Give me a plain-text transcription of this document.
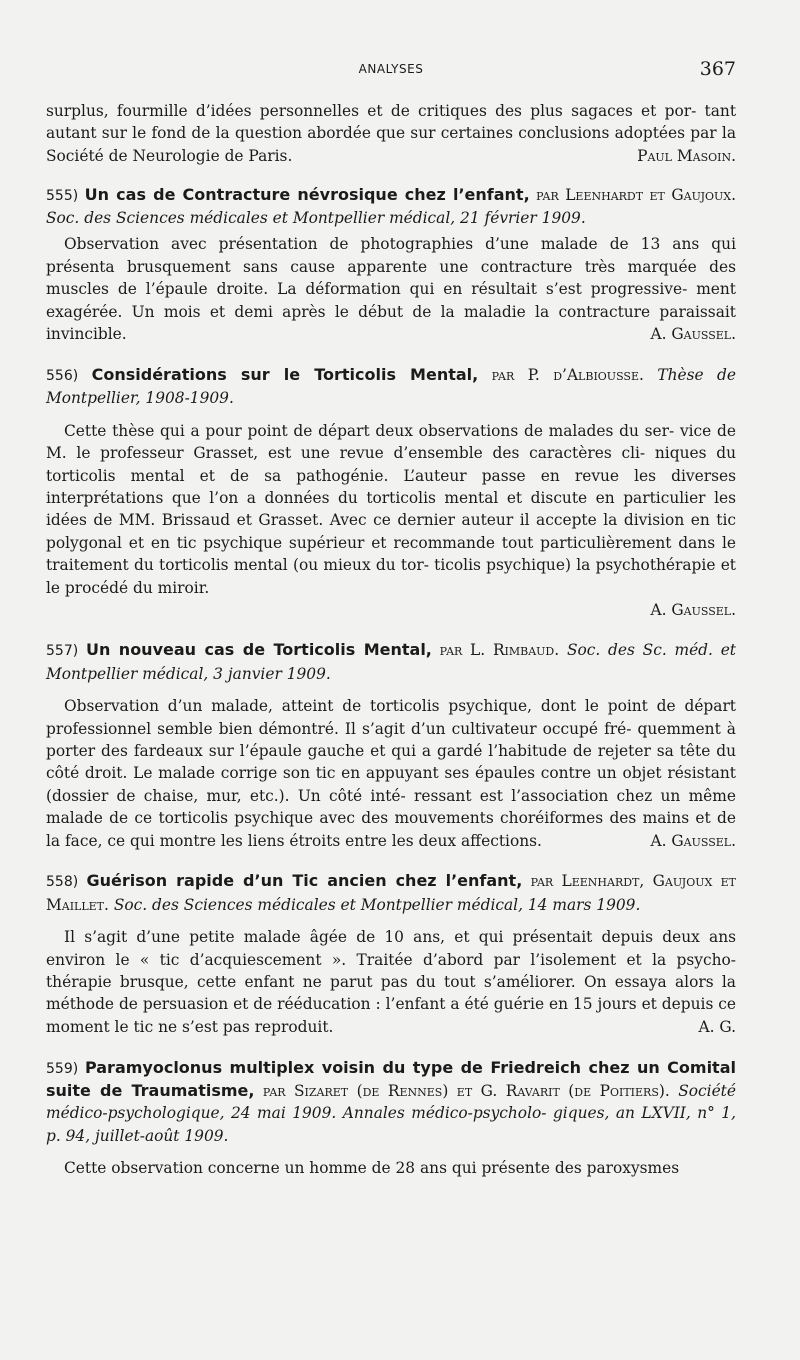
ANALYSES	367

surplus, fourmille d’idées personnelles et de critiques des plus sagaces et por- tant autant sur le fond de la question abordée que sur certaines conclusions adoptées par la Société de Neurologie de Paris.	Paul Masoin.

555) Un cas de Contracture névrosique chez l’enfant, par Leenhardt et Gaujoux. Soc. des Sciences médicales et Montpellier médical, 21 février 1909.

Observation avec présentation de photographies d’une malade de 13 ans qui présenta brusquement sans cause apparente une contracture très marquée des muscles de l’épaule droite. La déformation qui en résultait s’est progressive- ment exagérée. Un mois et demi après le début de la maladie la contracture paraissait invincible.	A. Gaussel.

556) Considérations sur le Torticolis Mental, par P. d’Albiousse. Thèse de Montpellier, 1908-1909.

Cette thèse qui a pour point de départ deux observations de malades du ser- vice de M. le professeur Grasset, est une revue d’ensemble des caractères cli- niques du torticolis mental et de sa pathogénie. L’auteur passe en revue les diverses interprétations que l’on a données du torticolis mental et discute en particulier les idées de MM. Brissaud et Grasset. Avec ce dernier auteur il accepte la division en tic polygonal et en tic psychique supérieur et recommande tout particulièrement dans le traitement du torticolis mental (ou mieux du tor- ticolis psychique) la psychothérapie et le procédé du miroir.

A. Gaussel.

557) Un nouveau cas de Torticolis Mental, par L. Rimbaud. Soc. des Sc. méd. et Montpellier médical, 3 janvier 1909.

Observation d’un malade, atteint de torticolis psychique, dont le point de départ professionnel semble bien démontré. Il s’agit d’un cultivateur occupé fré- quemment à porter des fardeaux sur l’épaule gauche et qui a gardé l’habitude de rejeter sa tête du côté droit. Le malade corrige son tic en appuyant ses épaules contre un objet résistant (dossier de chaise, mur, etc.). Un côté inté- ressant est l’association chez un même malade de ce torticolis psychique avec des mouvements choréiformes des mains et de la face, ce qui montre les liens étroits entre les deux affections.	A. Gaussel.

558) Guérison rapide d’un Tic ancien chez l’enfant, par Leenhardt, Gaujoux et Maillet. Soc. des Sciences médicales et Montpellier médical, 14 mars 1909.

Il s’agit d’une petite malade âgée de 10 ans, et qui présentait depuis deux ans environ le « tic d’acquiescement ». Traitée d’abord par l’isolement et la psycho- thérapie brusque, cette enfant ne parut pas du tout s’améliorer. On essaya alors la méthode de persuasion et de rééducation : l’enfant a été guérie en 15 jours et depuis ce moment le tic ne s’est pas reproduit.	A. G.

559) Paramyoclonus multiplex voisin du type de Friedreich chez un Comital suite de Traumatisme, par Sizaret (de Rennes) et G. Ravarit (de Poitiers). Société médico-psychologique, 24 mai 1909. Annales médico-psycholo- giques, an LXVII, n° 1, p. 94, juillet-août 1909.

Cette observation concerne un homme de 28 ans qui présente des paroxysmes
